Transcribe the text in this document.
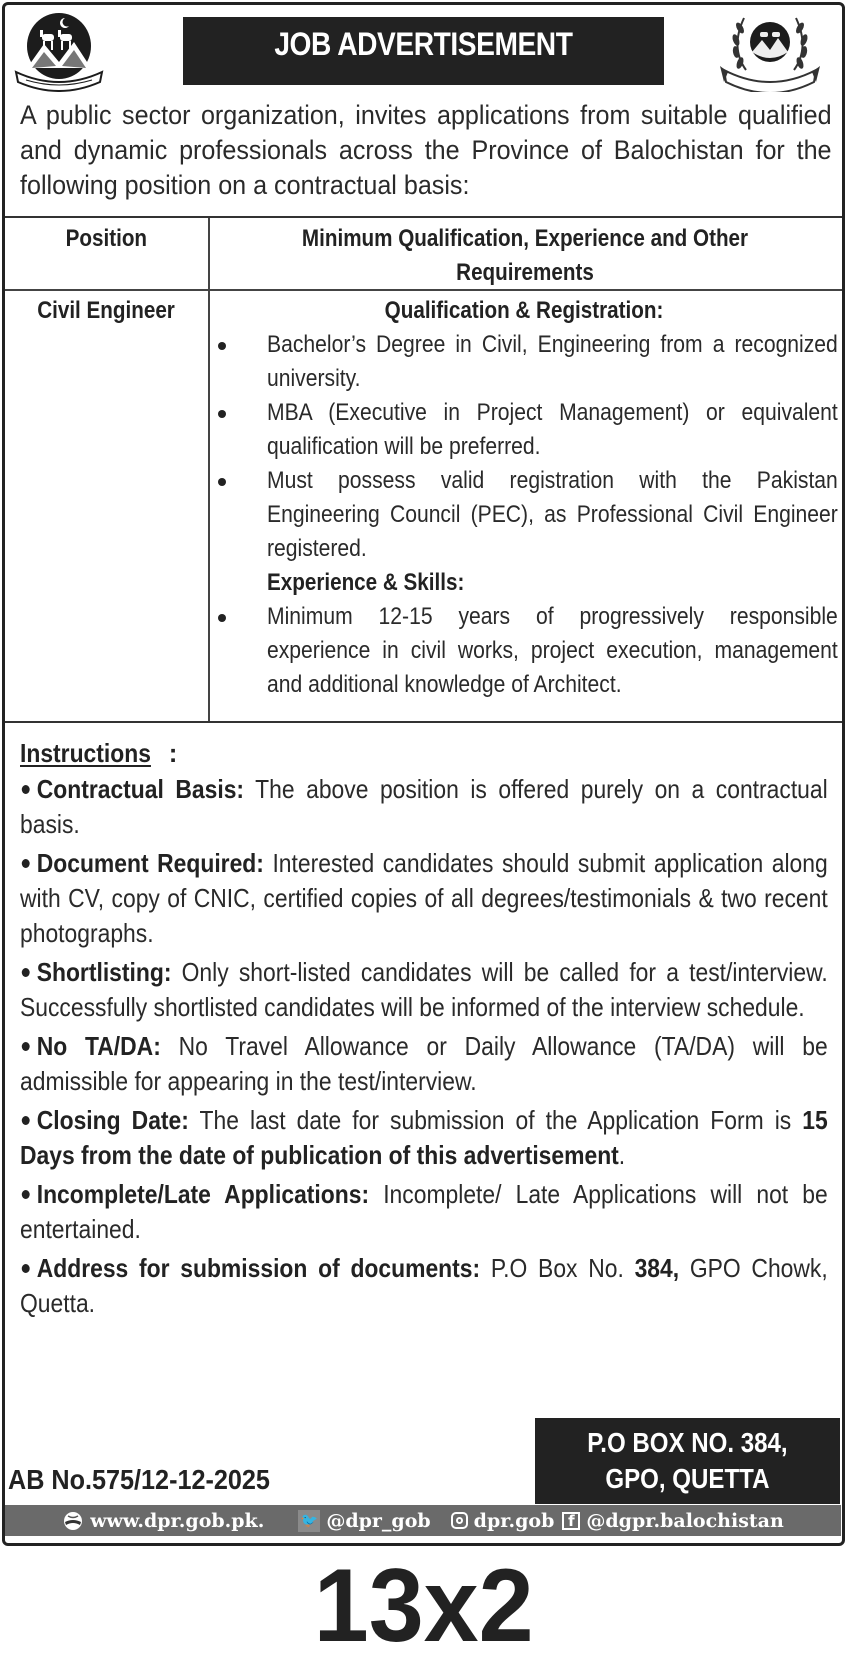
JOB ADVERTISEMENT

A public sector organization, invites applications from suitable qualified and dynamic professionals across the Province of Balochistan for the following position on a contractual basis:

Position	Minimum Qualification, Experience and Other Requirements
Civil Engineer	Qualification & Registration:
Bachelor’s Degree in Civil, Engineering from a recognized university.
MBA (Executive in Project Management) or equivalent qualification will be preferred.
Must possess valid registration with the Pakistan Engineering Council (PEC), as Professional Civil Engineer registered.
Experience & Skills:
Minimum 12-15 years of progressively responsible experience in civil works, project execution, management and additional knowledge of Architect.
Instructions :
Contractual Basis: The above position is offered purely on a contractual basis.
Document Required: Interested candidates should submit application along with CV, copy of CNIC, certified copies of all degrees/testimonials & two recent photographs.
Shortlisting: Only short-listed candidates will be called for a test/interview. Successfully shortlisted candidates will be informed of the interview schedule.
No TA/DA: No Travel Allowance or Daily Allowance (TA/DA) will be admissible for appearing in the test/interview.
Closing Date: The last date for submission of the Application Form is 15 Days from the date of publication of this advertisement.
Incomplete/Late Applications: Incomplete/ Late Applications will not be entertained.
Address for submission of documents: P.O Box No. 384, GPO Chowk, Quetta.
AB No.575/12-12-2025
P.O BOX NO. 384,
GPO, QUETTA
www.dpr.gob.pk.	🐦 @dpr_gob dpr.gob f @dgpr.balochistan
13x2
